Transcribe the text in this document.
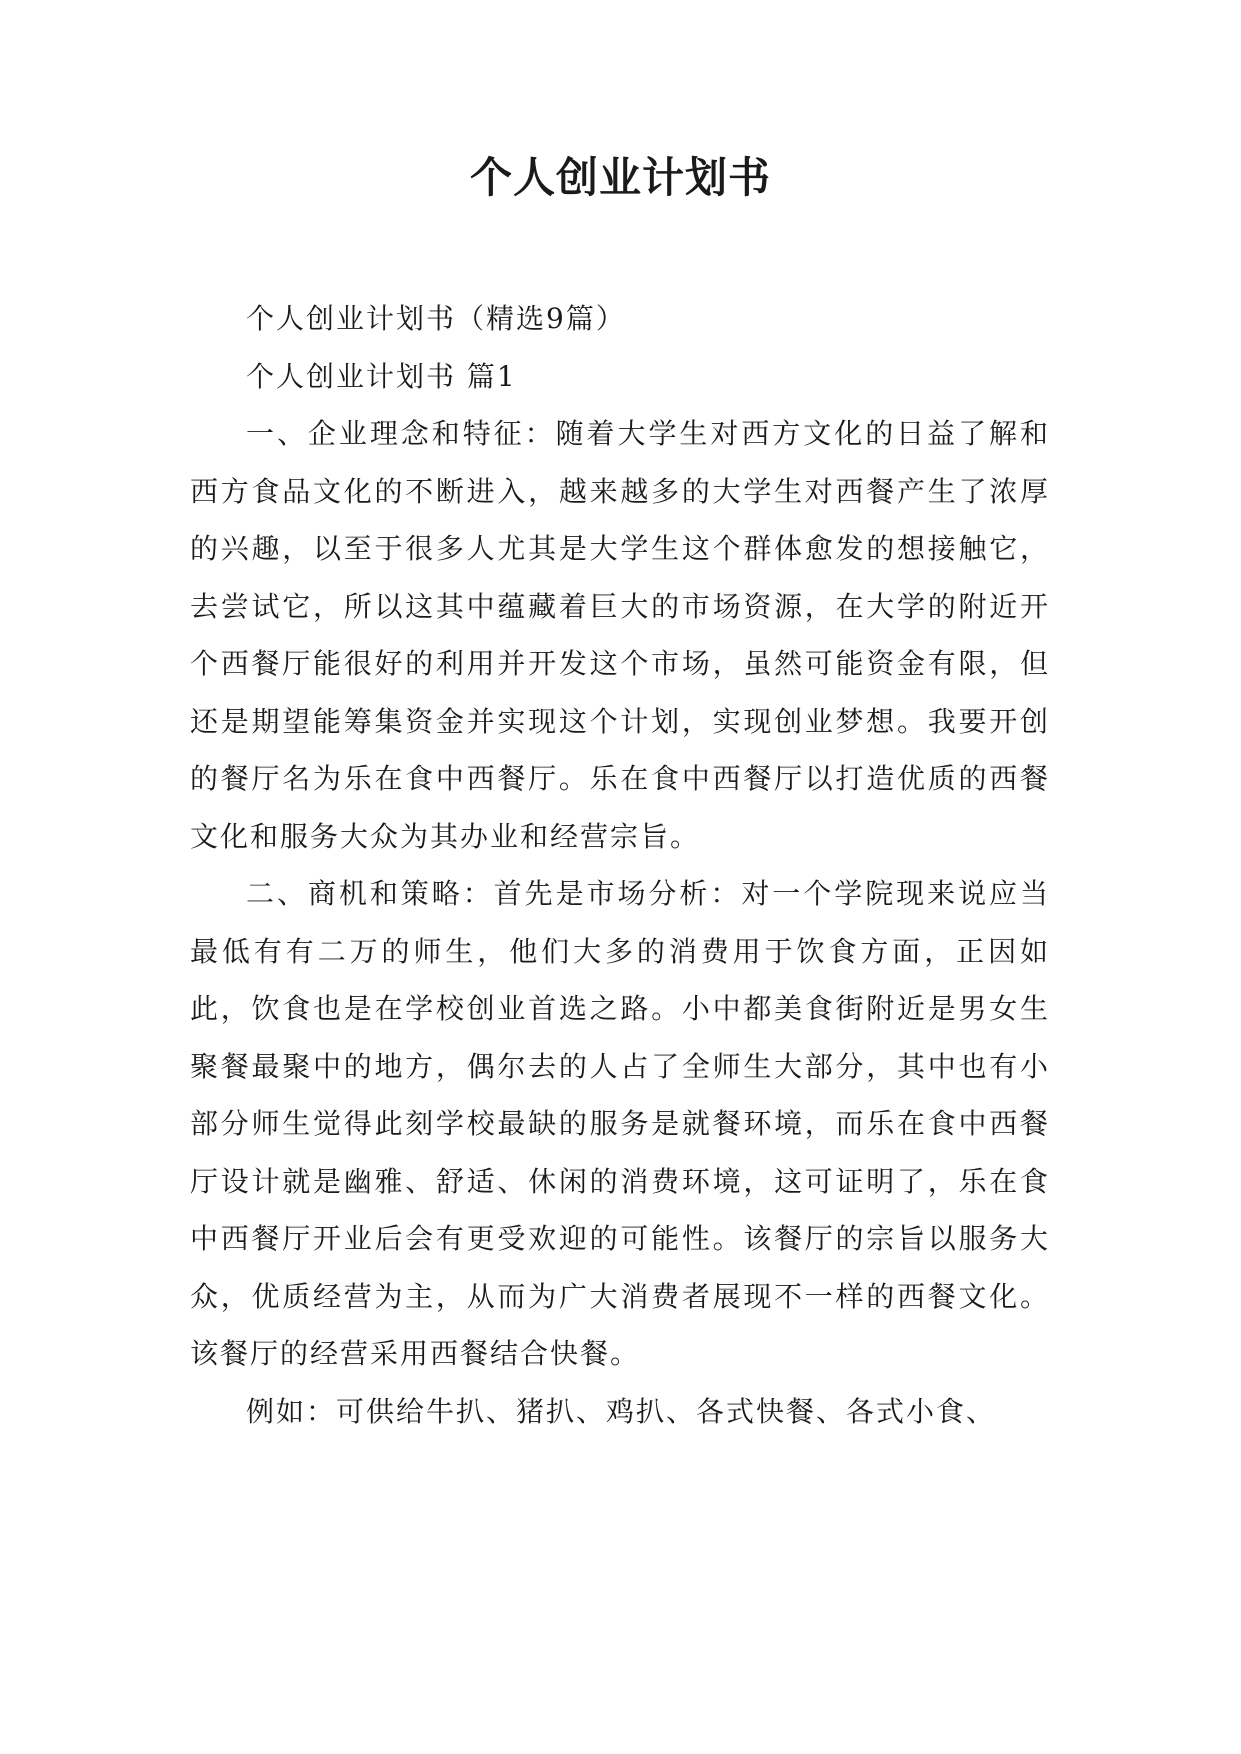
个人创业计划书

个人创业计划书（精选9篇）

个人创业计划书 篇1

一、企业理念和特征：随着大学生对西方文化的日益了解和西方食品文化的不断进入，越来越多的大学生对西餐产生了浓厚的兴趣，以至于很多人尤其是大学生这个群体愈发的想接触它，去尝试它，所以这其中蕴藏着巨大的市场资源，在大学的附近开个西餐厅能很好的利用并开发这个市场，虽然可能资金有限，但还是期望能筹集资金并实现这个计划，实现创业梦想。我要开创的餐厅名为乐在食中西餐厅。乐在食中西餐厅以打造优质的西餐文化和服务大众为其办业和经营宗旨。

二、商机和策略：首先是市场分析：对一个学院现来说应当最低有有二万的师生，他们大多的消费用于饮食方面，正因如此，饮食也是在学校创业首选之路。小中都美食街附近是男女生聚餐最聚中的地方，偶尔去的人占了全师生大部分，其中也有小部分师生觉得此刻学校最缺的服务是就餐环境，而乐在食中西餐厅设计就是幽雅、舒适、休闲的消费环境，这可证明了，乐在食中西餐厅开业后会有更受欢迎的可能性。该餐厅的宗旨以服务大众，优质经营为主，从而为广大消费者展现不一样的西餐文化。该餐厅的经营采用西餐结合快餐。

例如：可供给牛扒、猪扒、鸡扒、各式快餐、各式小食、
